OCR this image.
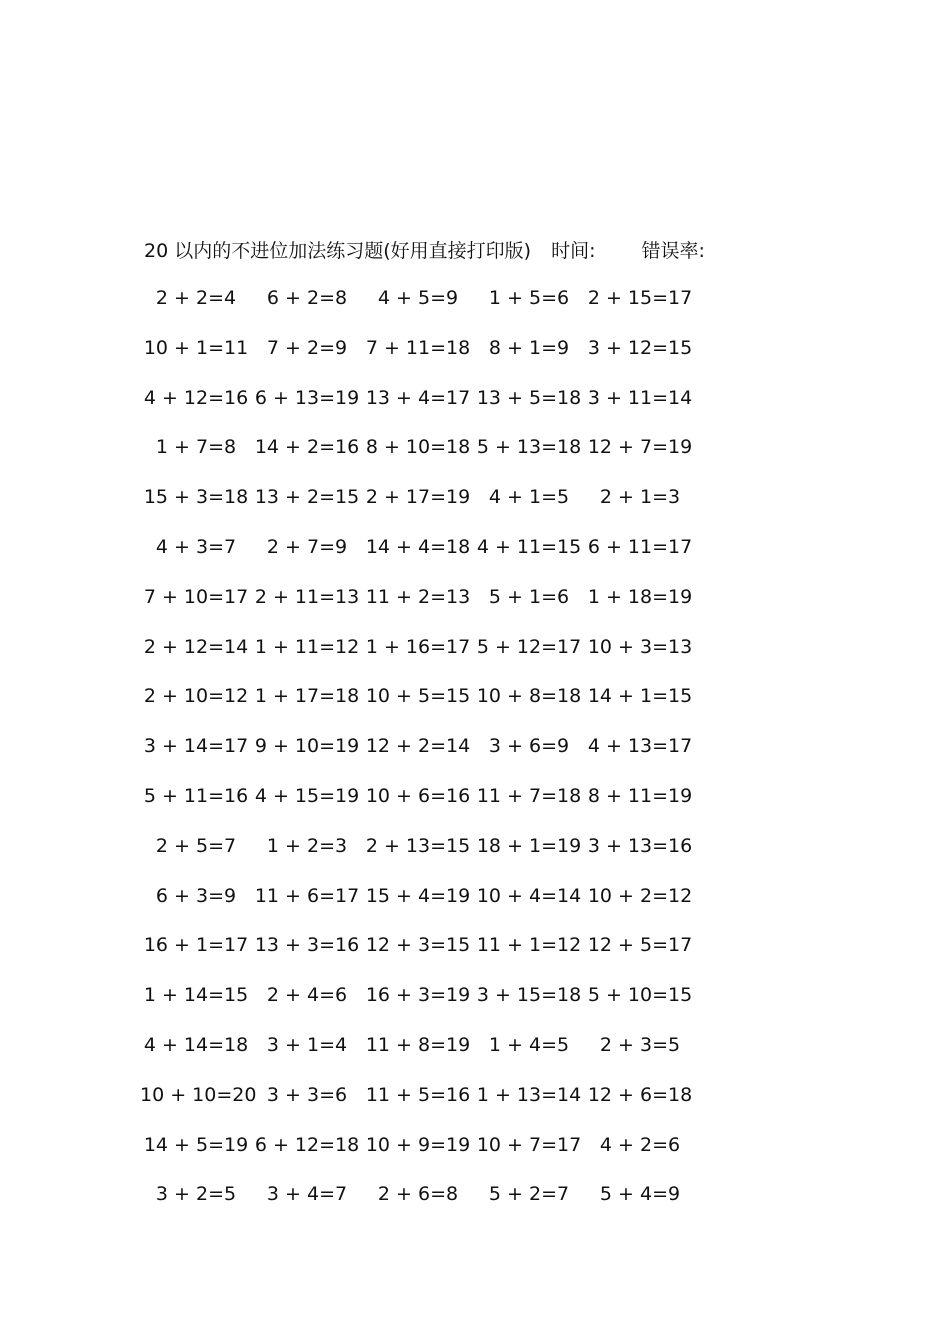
20 以内的不进位加法练习题(好用直接打印版) 时间: 错误率:
2 + 2=4	6 + 2=8	4 + 5=9	1 + 5=6 2 + 15=17
10 + 1=11 7 + 2=9 7 + 11=18 8 + 1=9 3 + 12=15
4 + 12=16 6 + 13=19 13 + 4=17 13 + 5=18 3 + 11=14
1 + 7=8 14 + 2=16 8 + 10=18 5 + 13=18 12 + 7=19
15 + 3=18 13 + 2=15 2 + 17=19 4 + 1=5	2 + 1=3
4 + 3=7	2 + 7=9 14 + 4=18 4 + 11=15 6 + 11=17
7 + 10=17 2 + 11=13 11 + 2=13 5 + 1=6 1 + 18=19
2 + 12=14 1 + 11=12 1 + 16=17 5 + 12=17 10 + 3=13
2 + 10=12 1 + 17=18 10 + 5=15 10 + 8=18 14 + 1=15
3 + 14=17 9 + 10=19 12 + 2=14 3 + 6=9 4 + 13=17
5 + 11=16 4 + 15=19 10 + 6=16 11 + 7=18 8 + 11=19
2 + 5=7	1 + 2=3 2 + 13=15 18 + 1=19 3 + 13=16
6 + 3=9 11 + 6=17 15 + 4=19 10 + 4=14 10 + 2=12
16 + 1=17 13 + 3=16 12 + 3=15 11 + 1=12 12 + 5=17
1 + 14=15 2 + 4=6 16 + 3=19 3 + 15=18 5 + 10=15
4 + 14=18 3 + 1=4 11 + 8=19 1 + 4=5	2 + 3=5
10 + 10=20 3 + 3=6 11 + 5=16 1 + 13=14 12 + 6=18
14 + 5=19 6 + 12=18 10 + 9=19 10 + 7=17 4 + 2=6
3 + 2=5	3 + 4=7	2 + 6=8	5 + 2=7	5 + 4=9
